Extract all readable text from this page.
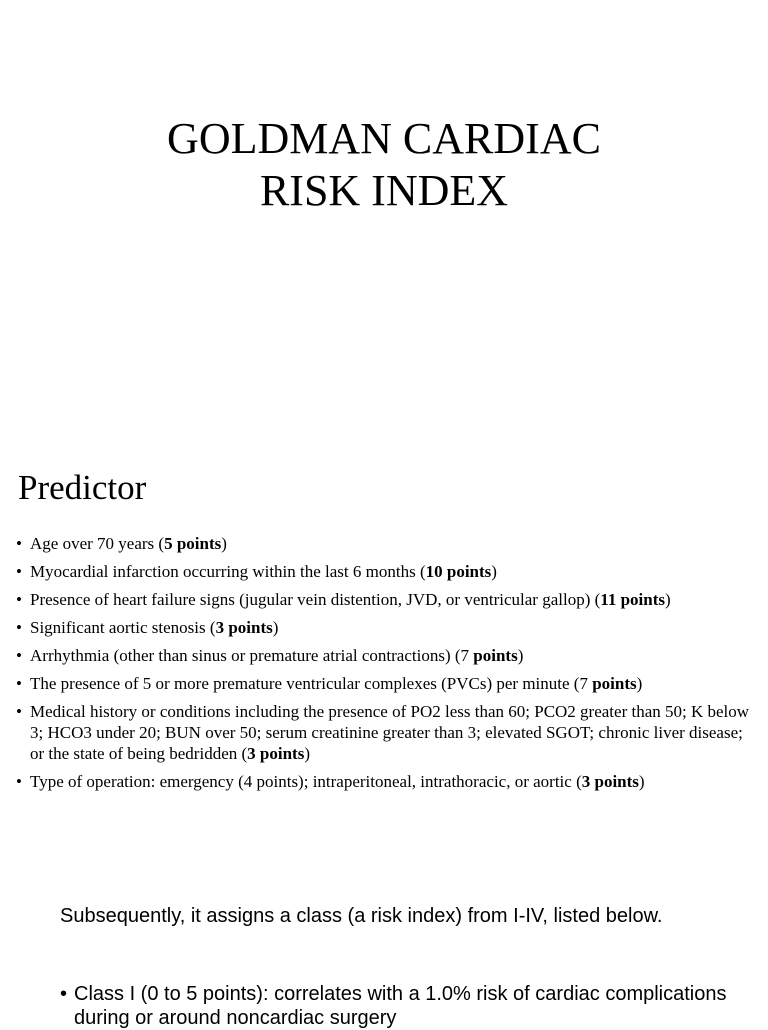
GOLDMAN CARDIAC
RISK INDEX
Predictor
• Age over 70 years (5 points)
• Myocardial infarction occurring within the last 6 months (10 points)
• Presence of heart failure signs (jugular vein distention, JVD, or ventricular gallop) (11 points)
• Significant aortic stenosis (3 points)
• Arrhythmia (other than sinus or premature atrial contractions) (7 points)
• The presence of 5 or more premature ventricular complexes (PVCs) per minute (7 points)
• Medical history or conditions including the presence of PO2 less than 60; PCO2 greater than 50; K below 3; HCO3 under 20; BUN over 50; serum creatinine greater than 3; elevated SGOT; chronic liver disease; or the state of being bedridden (3 points)
• Type of operation: emergency (4 points); intraperitoneal, intrathoracic, or aortic (3 points)

Subsequently, it assigns a class (a risk index) from I-IV, listed below.

• Class I (0 to 5 points): correlates with a 1.0% risk of cardiac complications during or around noncardiac surgery
